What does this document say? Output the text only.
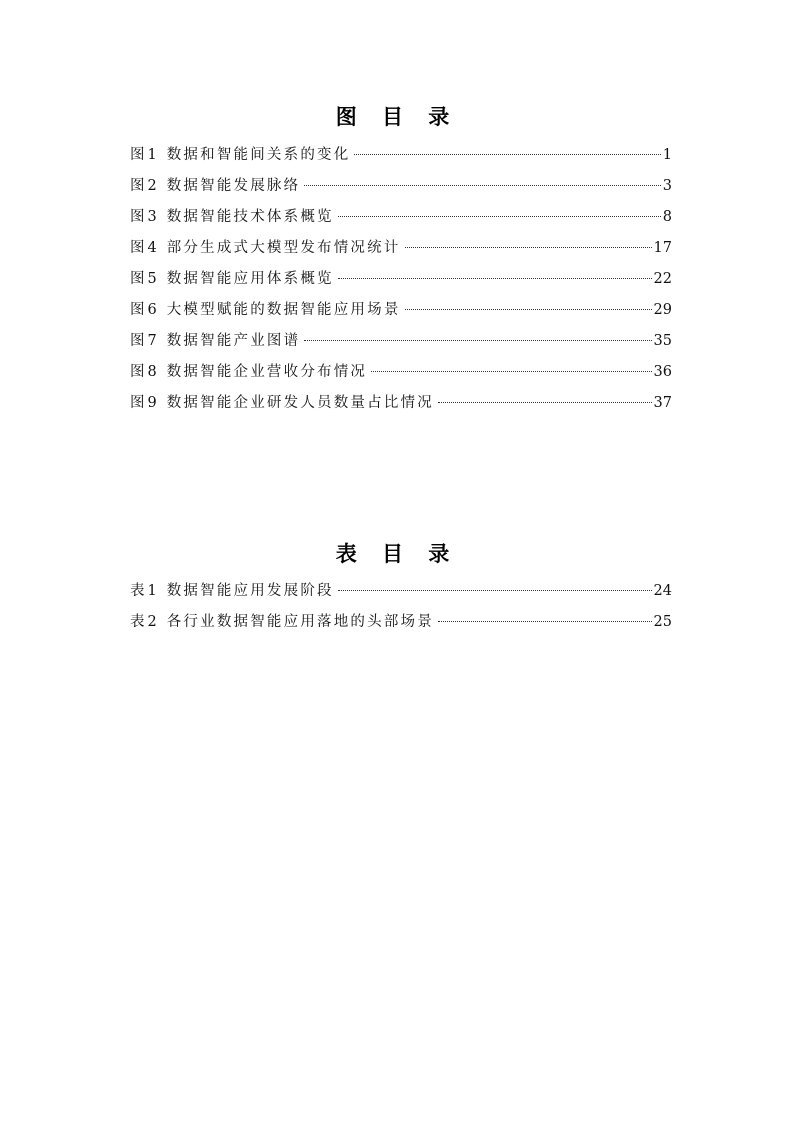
图 目 录
图 1 数据和智能间关系的变化	1
图 2 数据智能发展脉络	3
图 3 数据智能技术体系概览	8
图 4 部分生成式大模型发布情况统计	17
图 5 数据智能应用体系概览	22
图 6 大模型赋能的数据智能应用场景	29
图 7 数据智能产业图谱	35
图 8 数据智能企业营收分布情况	36
图 9 数据智能企业研发人员数量占比情况	37
表 目 录
表 1 数据智能应用发展阶段	24
表 2 各行业数据智能应用落地的头部场景	25
